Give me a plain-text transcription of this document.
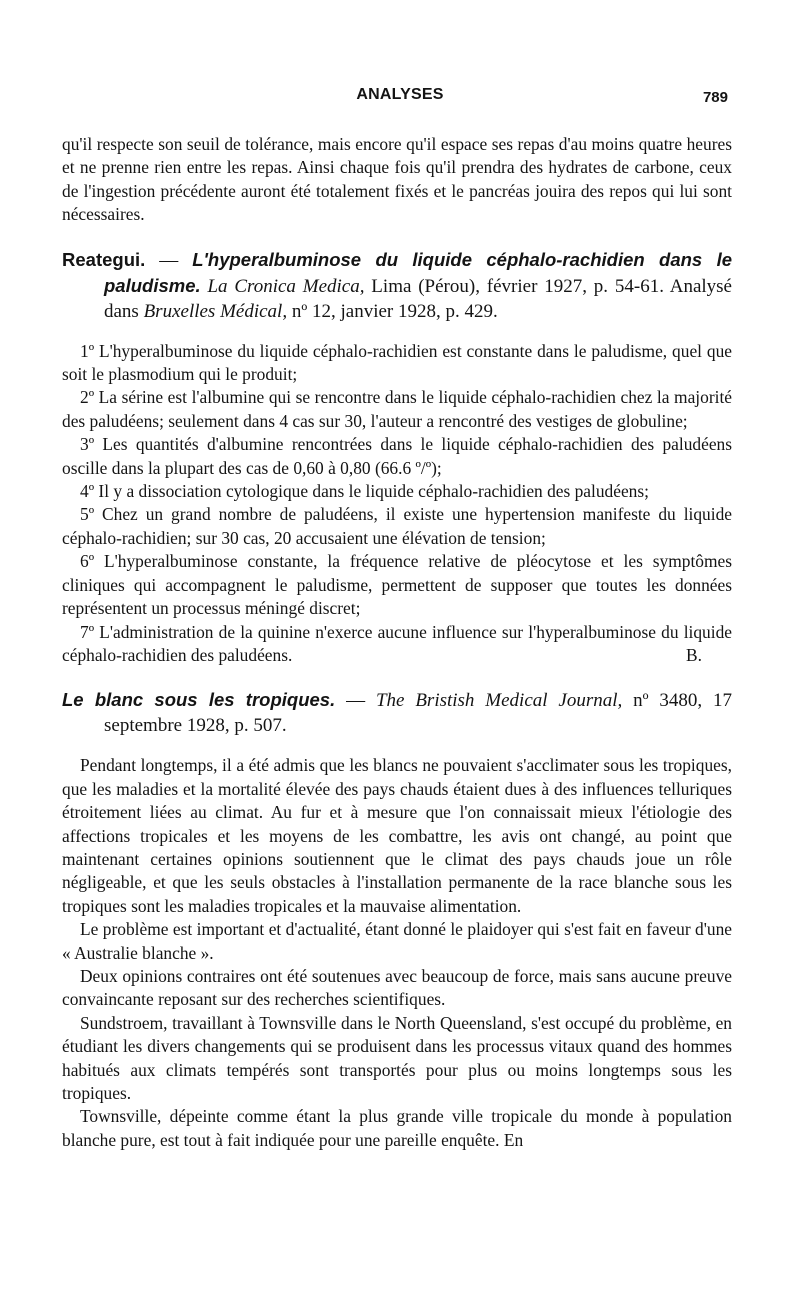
ANALYSES	789

qu'il respecte son seuil de tolérance, mais encore qu'il espace ses repas d'au moins quatre heures et ne prenne rien entre les repas. Ainsi chaque fois qu'il prendra des hydrates de carbone, ceux de l'ingestion précédente auront été totalement fixés et le pancréas jouira des repos qui lui sont nécessaires.

Reategui. — L'hyperalbuminose du liquide céphalo-rachidien dans le paludisme. La Cronica Medica, Lima (Pérou), février 1927, p. 54-61. Analysé dans Bruxelles Médical, nº 12, janvier 1928, p. 429.

1º L'hyperalbuminose du liquide céphalo-rachidien est constante dans le paludisme, quel que soit le plasmodium qui le produit;

2º La sérine est l'albumine qui se rencontre dans le liquide céphalo-rachidien chez la majorité des paludéens; seulement dans 4 cas sur 30, l'auteur a rencontré des vestiges de globuline;

3º Les quantités d'albumine rencontrées dans le liquide céphalo-rachidien des paludéens oscille dans la plupart des cas de 0,60 à 0,80 (66.6 º/º);

4º Il y a dissociation cytologique dans le liquide céphalo-rachidien des paludéens;

5º Chez un grand nombre de paludéens, il existe une hypertension manifeste du liquide céphalo-rachidien; sur 30 cas, 20 accusaient une élévation de tension;

6º L'hyperalbuminose constante, la fréquence relative de pléocytose et les symptômes cliniques qui accompagnent le paludisme, permettent de supposer que toutes les données représentent un processus méningé discret;

7º L'administration de la quinine n'exerce aucune influence sur l'hyperalbuminose du liquide céphalo-rachidien des paludéens.	B.

Le blanc sous les tropiques. — The Bristish Medical Journal, nº 3480, 17 septembre 1928, p. 507.

Pendant longtemps, il a été admis que les blancs ne pouvaient s'acclimater sous les tropiques, que les maladies et la mortalité élevée des pays chauds étaient dues à des influences telluriques étroitement liées au climat. Au fur et à mesure que l'on connaissait mieux l'étiologie des affections tropicales et les moyens de les combattre, les avis ont changé, au point que maintenant certaines opinions soutiennent que le climat des pays chauds joue un rôle négligeable, et que les seuls obstacles à l'installation permanente de la race blanche sous les tropiques sont les maladies tropicales et la mauvaise alimentation.

Le problème est important et d'actualité, étant donné le plaidoyer qui s'est fait en faveur d'une « Australie blanche ».

Deux opinions contraires ont été soutenues avec beaucoup de force, mais sans aucune preuve convaincante reposant sur des recherches scientifiques.

Sundstroem, travaillant à Townsville dans le North Queensland, s'est occupé du problème, en étudiant les divers changements qui se produisent dans les processus vitaux quand des hommes habitués aux climats tempérés sont transportés pour plus ou moins longtemps sous les tropiques.

Townsville, dépeinte comme étant la plus grande ville tropicale du monde à population blanche pure, est tout à fait indiquée pour une pareille enquête. En
